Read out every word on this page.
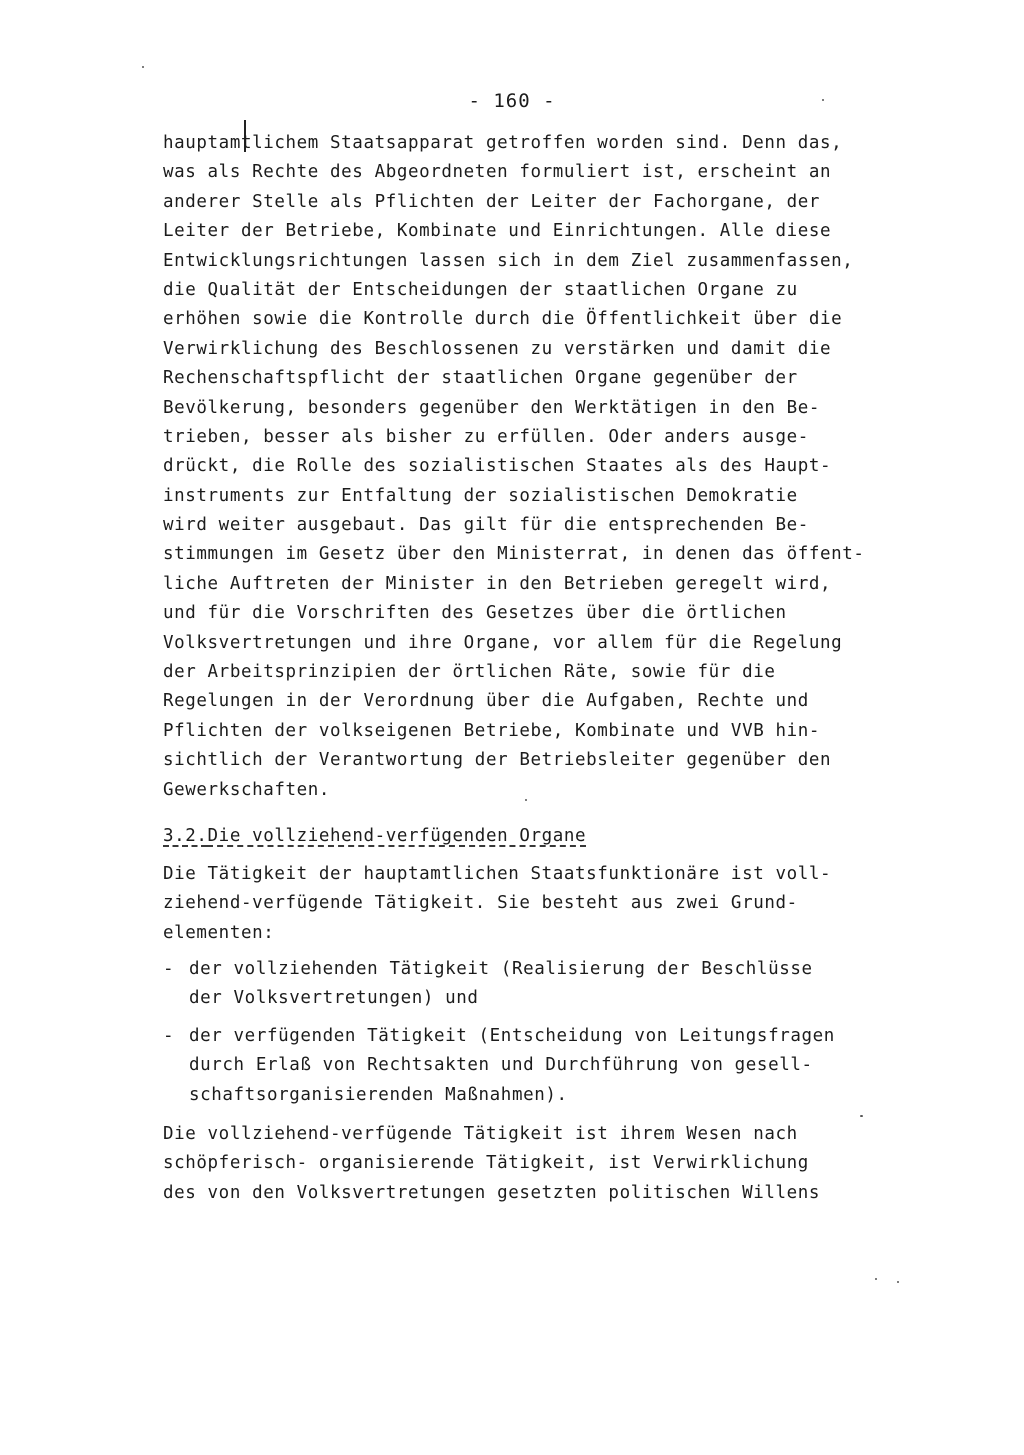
- 160 -
hauptamtlichem Staatsapparat getroffen worden sind. Denn das,
was als Rechte des Abgeordneten formuliert ist, erscheint an
anderer Stelle als Pflichten der Leiter der Fachorgane, der
Leiter der Betriebe, Kombinate und Einrichtungen. Alle diese
Entwicklungsrichtungen lassen sich in dem Ziel zusammenfassen,
die Qualität der Entscheidungen der staatlichen Organe zu
erhöhen sowie die Kontrolle durch die Öffentlichkeit über die
Verwirklichung des Beschlossenen zu verstärken und damit die
Rechenschaftspflicht der staatlichen Organe gegenüber der
Bevölkerung, besonders gegenüber den Werktätigen in den Be-
trieben, besser als bisher zu erfüllen. Oder anders ausge-
drückt, die Rolle des sozialistischen Staates als des Haupt-
instruments zur Entfaltung der sozialistischen Demokratie
wird weiter ausgebaut. Das gilt für die entsprechenden Be-
stimmungen im Gesetz über den Ministerrat, in denen das öffent-
liche Auftreten der Minister in den Betrieben geregelt wird,
und für die Vorschriften des Gesetzes über die örtlichen
Volksvertretungen und ihre Organe, vor allem für die Regelung
der Arbeitsprinzipien der örtlichen Räte, sowie für die
Regelungen in der Verordnung über die Aufgaben, Rechte und
Pflichten der volkseigenen Betriebe, Kombinate und VVB hin-
sichtlich der Verantwortung der Betriebsleiter gegenüber den
Gewerkschaften.
3.2.Die vollziehend-verfügenden Organe
Die Tätigkeit der hauptamtlichen Staatsfunktionäre ist voll-
ziehend-verfügende Tätigkeit. Sie besteht aus zwei Grund-
elementen:
- der vollziehenden Tätigkeit (Realisierung der Beschlüsse
der Volksvertretungen) und
- der verfügenden Tätigkeit (Entscheidung von Leitungsfragen
durch Erlaß von Rechtsakten und Durchführung von gesell-
schaftsorganisierenden Maßnahmen).
Die vollziehend-verfügende Tätigkeit ist ihrem Wesen nach
schöpferisch- organisierende Tätigkeit, ist Verwirklichung
des von den Volksvertretungen gesetzten politischen Willens
